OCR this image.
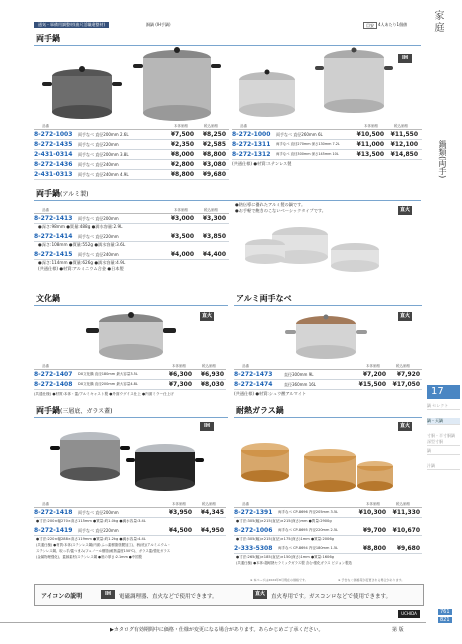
通気・軍備用調整材(曲尺活職違整材)	銅鍋 (IH手鍋)	目安	4人あたり1個値 家庭
鍋類(両手)
17
鍋 セレクト
鍋・天鍋
寸胴・半寸胴鍋 深型寸胴
鍋
汁鍋
761
821
両手鍋
IH
品番	本体価格	税込価格
8-272-1003 両手なべ 直径200mm 2.6L	¥7,500	¥8,250
8-272-1435 両手なべ 直径220mm	¥2,350	¥2,585
2-431-0314 両手なべ 直径200mm 3.8L	¥8,000	¥8,800
8-272-1436 両手なべ 直径240mm	¥2,800	¥3,080
2-431-0313 両手なべ 直径240mm 4.9L	¥8,800	¥9,680
品番	本体価格	税込価格
8-272-1000 両手なべ 直径260mm 6L	¥10,500	¥11,550
8-272-1311 両手なべ 直径270mm 深さ130mm 7.2L	¥11,000	¥12,100
8-272-1312 両手なべ 直径300mm 深さ145mm 10L	¥13,500	¥14,850
(共通仕様) ●材質:ステンレス製
両手鍋(アルミ製)
直火
●熱伝導に優れたアルミ製の鍋です。
●お手軽で飽きのこないベーシックタイプです。
品番	本体価格	税込価格
8-272-1413 両手なべ 直径200mm	¥3,000	¥3,300
●深さ:98mm ●質量:488g ●満水容量:2.9L
8-272-1414 両手なべ 直径220mm	¥3,500	¥3,850
●深さ:108mm ●質量:552g ●満水容量:3.6L
8-272-1415 両手なべ 直径240mm	¥4,000	¥4,400
●深さ:114mm ●質量:626g ●満水容量:4.9L
(共通仕様) ●材質:アルミニウム合金 ●日本製
文化鍋
直火
品番	本体価格	税込価格
8-272-1407 DX文化鍋 直径180mm 最大容量3.5L	¥6,300	¥6,930
8-272-1408 DX文化鍋 直径200mm 最大容量4.8L	¥7,300	¥8,030
(共通仕様) ●材質:本体・蓋/アルミキャスト製 ●外面ウグイス仕上 ●内面ミラー仕上げ
アルミ両手なべ
直火
品番	本体価格	税込価格
8-272-1473	直径300mm 9L	¥7,200	¥7,920
8-272-1474	直径360mm 16L	¥15,500	¥17,050
(共通仕様) ●材質:シュウ酸アルマイト
両手鍋(三層底、ガラス蓋)
IH
品番	本体価格	税込価格
8-272-1418 両手なべ 直径200mm	¥3,950	¥4,345
●寸法:200×幅270×高さ115mm ●質量:約1.0kg ●満水容量:3.4L
8-272-1419 両手なべ 直径220mm	¥4,500	¥4,950
●寸法:220×幅288×高さ119mm ●質量:約1.2kg ●満水容量:4.4L
(共通仕様) ●材質:本体/ステンレス鋼(内面:ふっ素樹脂塗膜加工)、柄(底)/アルミニウム・
ステンレス鋼、取っ手/蓋つまみ/フェノール樹脂(耐熱温度150℃)、ガラス蓋/強化ガラス
(金属物理強化)、蓋縁素材/ステンレス鋼 ●底の厚さ:2.1mm ●中国製
耐熱ガラス鍋
直火
品番	本体価格	税込価格
8-272-1391 両手なべ CP-8696 内径205mm 3.5L	¥10,300	¥11,330
●寸法:305(幅)×215(直径)×215(深さ)mm ●質量:2900g
8-272-1006 両手なべ CP-8695 内径220mm 2.5L	¥9,700	¥10,670
●寸法:305(幅)×215(直径)×175(深さ)1mm ●質量:2006g
2-333-5308 両手なべ CP-8694 内径180mm 1.5L	¥8,800	¥9,680
●寸法:265(幅)×185(直径)×150(深さ)1mm ●質量:1606g
(共通仕様) ●本体:超耐熱セラミックガラス製 含む:強化ガラス ビジョン製造
アイコンの説明	IH	電磁調理器、直火などで使用できます。	直火	直火専用です。ガスコンロなどで使用できます。
※ 本ページは2024年8月現在の価格です。	※ 予告なく価格等が変更される場合があります。
▶カタログ有効期間中に価格・仕様が変更になる場合があります。あらかじめご了承ください。	第 版
UCHIDA
